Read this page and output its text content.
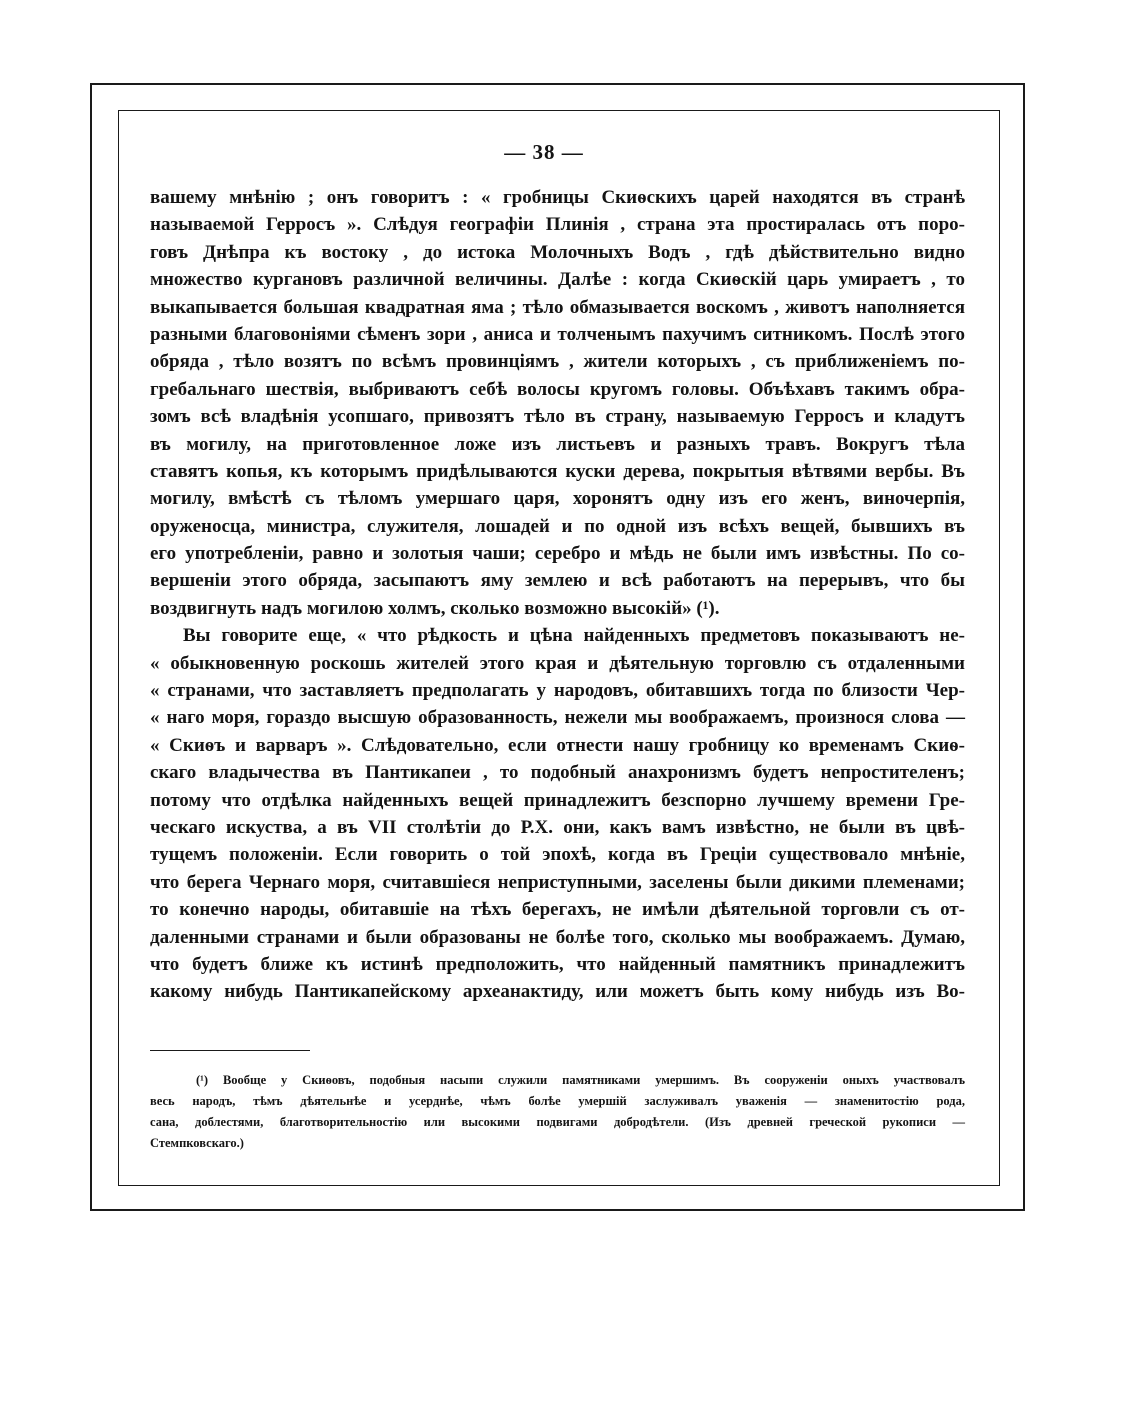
— 38 —
вашему мнѣнію ; онъ говоритъ : « гробницы Скиѳскихъ царей находятся въ странѣ
называемой Герросъ ». Слѣдуя географіи Плинія , страна эта простиралась отъ поро-
говъ Днѣпра къ востоку , до истока Молочныхъ Водъ , гдѣ дѣйствительно видно
множество кургановъ различной величины. Далѣе : когда Скиѳскій царь умираетъ , то
выкапывается большая квадратная яма ; тѣло обмазывается воскомъ , животъ наполняется
разными благовоніями сѣменъ зори , аниса и толченымъ пахучимъ ситникомъ. Послѣ этого
обряда , тѣло возятъ по всѣмъ провинціямъ , жители которыхъ , съ приближеніемъ по-
гребальнаго шествія, выбриваютъ себѣ волосы кругомъ головы. Объѣхавъ такимъ обра-
зомъ всѣ владѣнія усопшаго, привозятъ тѣло въ страну, называемую Герросъ и кладутъ
въ могилу, на приготовленное ложе изъ листьевъ и разныхъ травъ. Вокругъ тѣла
ставятъ копья, къ которымъ придѣлываются куски дерева, покрытыя вѣтвями вербы. Въ
могилу, вмѣстѣ съ тѣломъ умершаго царя, хоронятъ одну изъ его женъ, виночерпія,
оруженосца, министра, служителя, лошадей и по одной изъ всѣхъ вещей, бывшихъ въ
его употребленіи, равно и золотыя чаши; серебро и мѣдь не были имъ извѣстны. По со-
вершеніи этого обряда, засыпаютъ яму землею и всѣ работаютъ на перерывъ, что бы
воздвигнуть надъ могилою холмъ, сколько возможно высокій» (¹).
Вы говорите еще, « что рѣдкость и цѣна найденныхъ предметовъ показываютъ не-
« обыкновенную роскошь жителей этого края и дѣятельную торговлю съ отдаленными
« странами, что заставляетъ предполагать у народовъ, обитавшихъ тогда по близости Чер-
« наго моря, гораздо высшую образованность, нежели мы воображаемъ, произнося слова —
« Скиѳъ и варваръ ». Слѣдовательно, если отнести нашу гробницу ко временамъ Скиѳ-
скаго владычества въ Пантикапеи , то подобный анахронизмъ будетъ непростителенъ;
потому что отдѣлка найденныхъ вещей принадлежитъ безспорно лучшему времени Гре-
ческаго искуства, а въ VII столѣтіи до Р.Х. они, какъ вамъ извѣстно, не были въ цвѣ-
тущемъ положеніи. Если говорить о той эпохѣ, когда въ Греціи существовало мнѣніе,
что берега Чернаго моря, считавшіеся неприступными, заселены были дикими племенами;
то конечно народы, обитавшіе на тѣхъ берегахъ, не имѣли дѣятельной торговли съ от-
даленными странами и были образованы не болѣе того, сколько мы воображаемъ. Думаю,
что будетъ ближе къ истинѣ предположить, что найденный памятникъ принадлежитъ
какому нибудь Пантикапейскому археанактиду, или можетъ быть кому нибудь изъ Во-
(¹) Вообще у Скиѳовъ, подобныя насыпи служили памятниками умершимъ. Въ сооруженіи оныхъ участвовалъ
весь народъ, тѣмъ дѣятельнѣе и усерднѣе, чѣмъ болѣе умершій заслуживалъ уваженія — знаменитостію рода,
сана, доблестями, благотворительностію или высокими подвигами добродѣтели. (Изъ древней греческой рукописи —
Стемпковскаго.)
